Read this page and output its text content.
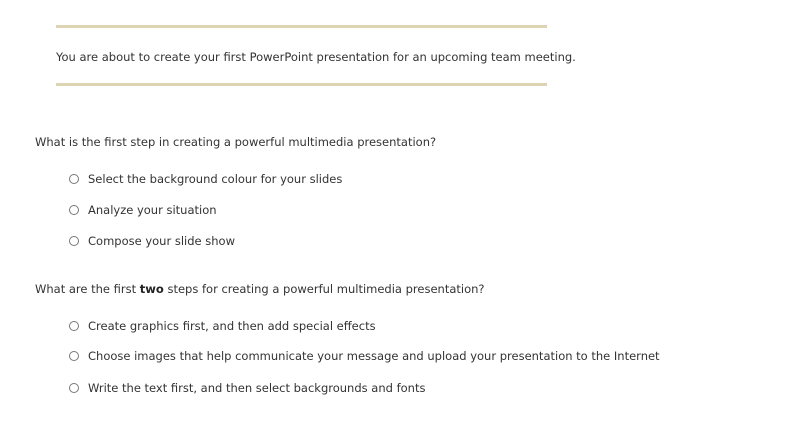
You are about to create your first PowerPoint presentation for an upcoming team meeting.
What is the first step in creating a powerful multimedia presentation?
Select the background colour for your slides
Analyze your situation
Compose your slide show
What are the first two steps for creating a powerful multimedia presentation?
Create graphics first, and then add special effects
Choose images that help communicate your message and upload your presentation to the Internet
Write the text first, and then select backgrounds and fonts
